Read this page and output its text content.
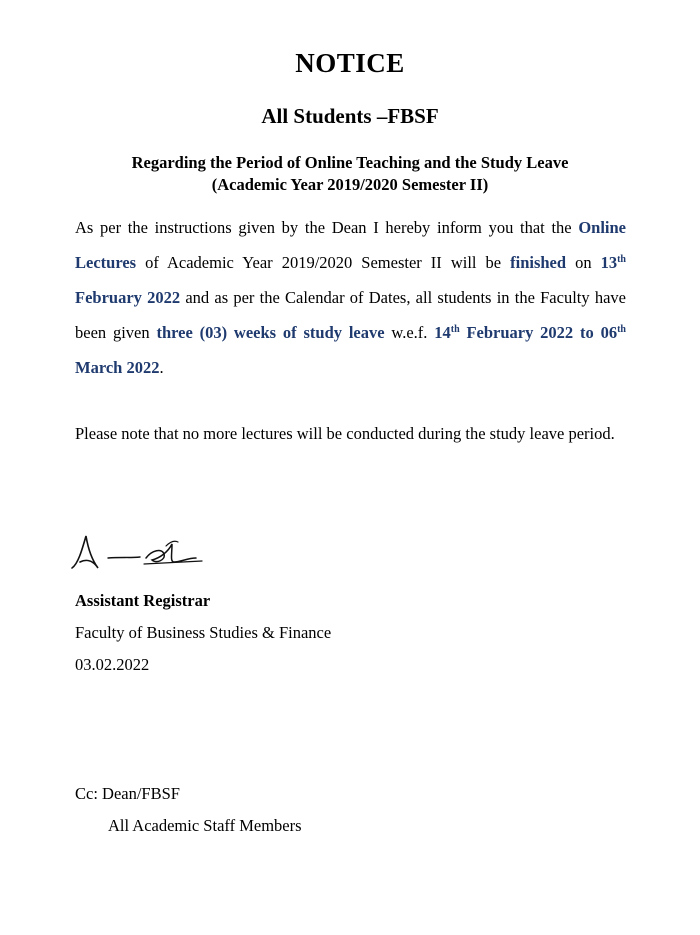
NOTICE
All Students –FBSF
Regarding the Period of Online Teaching and the Study Leave
(Academic Year 2019/2020 Semester II)
As per the instructions given by the Dean I hereby inform you that the Online Lectures of Academic Year 2019/2020 Semester II will be finished on 13th February 2022 and as per the Calendar of Dates, all students in the Faculty have been given three (03) weeks of study leave w.e.f. 14th February 2022 to 06th March 2022.
Please note that no more lectures will be conducted during the study leave period.
Assistant Registrar
Faculty of Business Studies & Finance
03.02.2022
Cc: Dean/FBSF
All Academic Staff Members
